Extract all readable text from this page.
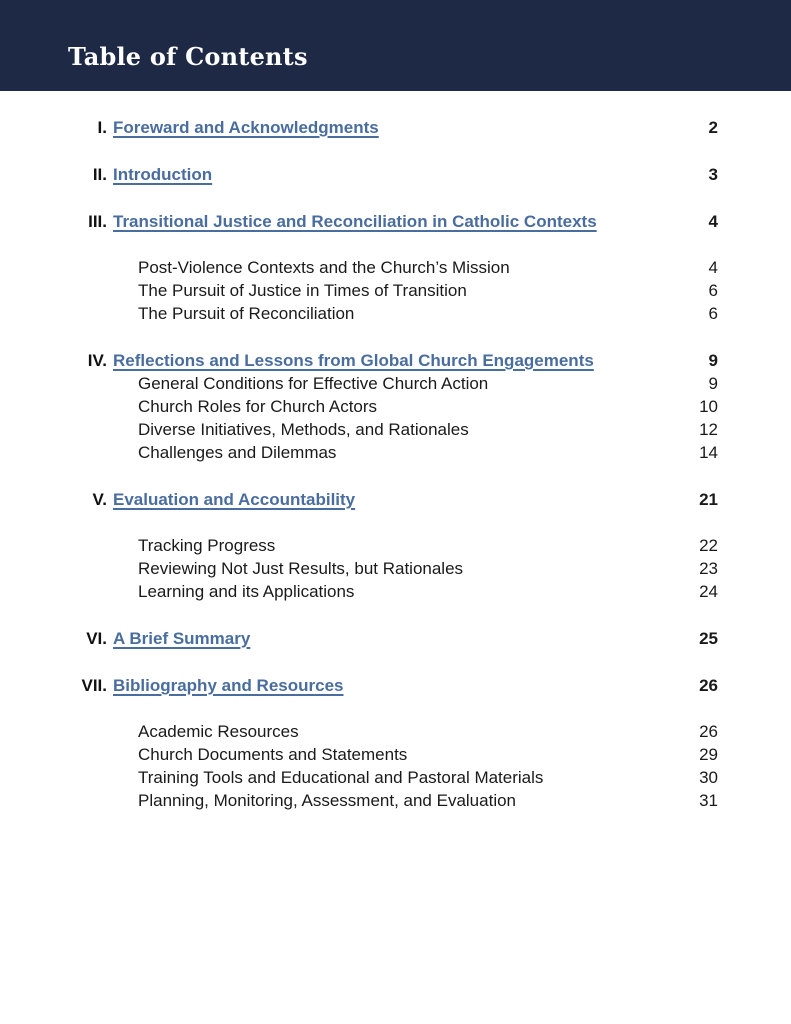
Table of Contents
I. Foreward and Acknowledgments	2
II. Introduction	3
III. Transitional Justice and Reconciliation in Catholic Contexts	4
Post-Violence Contexts and the Church’s Mission	4
The Pursuit of Justice in Times of Transition	6
The Pursuit of Reconciliation	6
IV. Reflections and Lessons from Global Church Engagements	9
General Conditions for Effective Church Action	9
Church Roles for Church Actors	10
Diverse Initiatives, Methods, and Rationales	12
Challenges and Dilemmas	14
V. Evaluation and Accountability	21
Tracking Progress	22
Reviewing Not Just Results, but Rationales	23
Learning and its Applications	24
VI. A Brief Summary	25
VII. Bibliography and Resources	26
Academic Resources	26
Church Documents and Statements	29
Training Tools and Educational and Pastoral Materials	30
Planning, Monitoring, Assessment, and Evaluation	31
